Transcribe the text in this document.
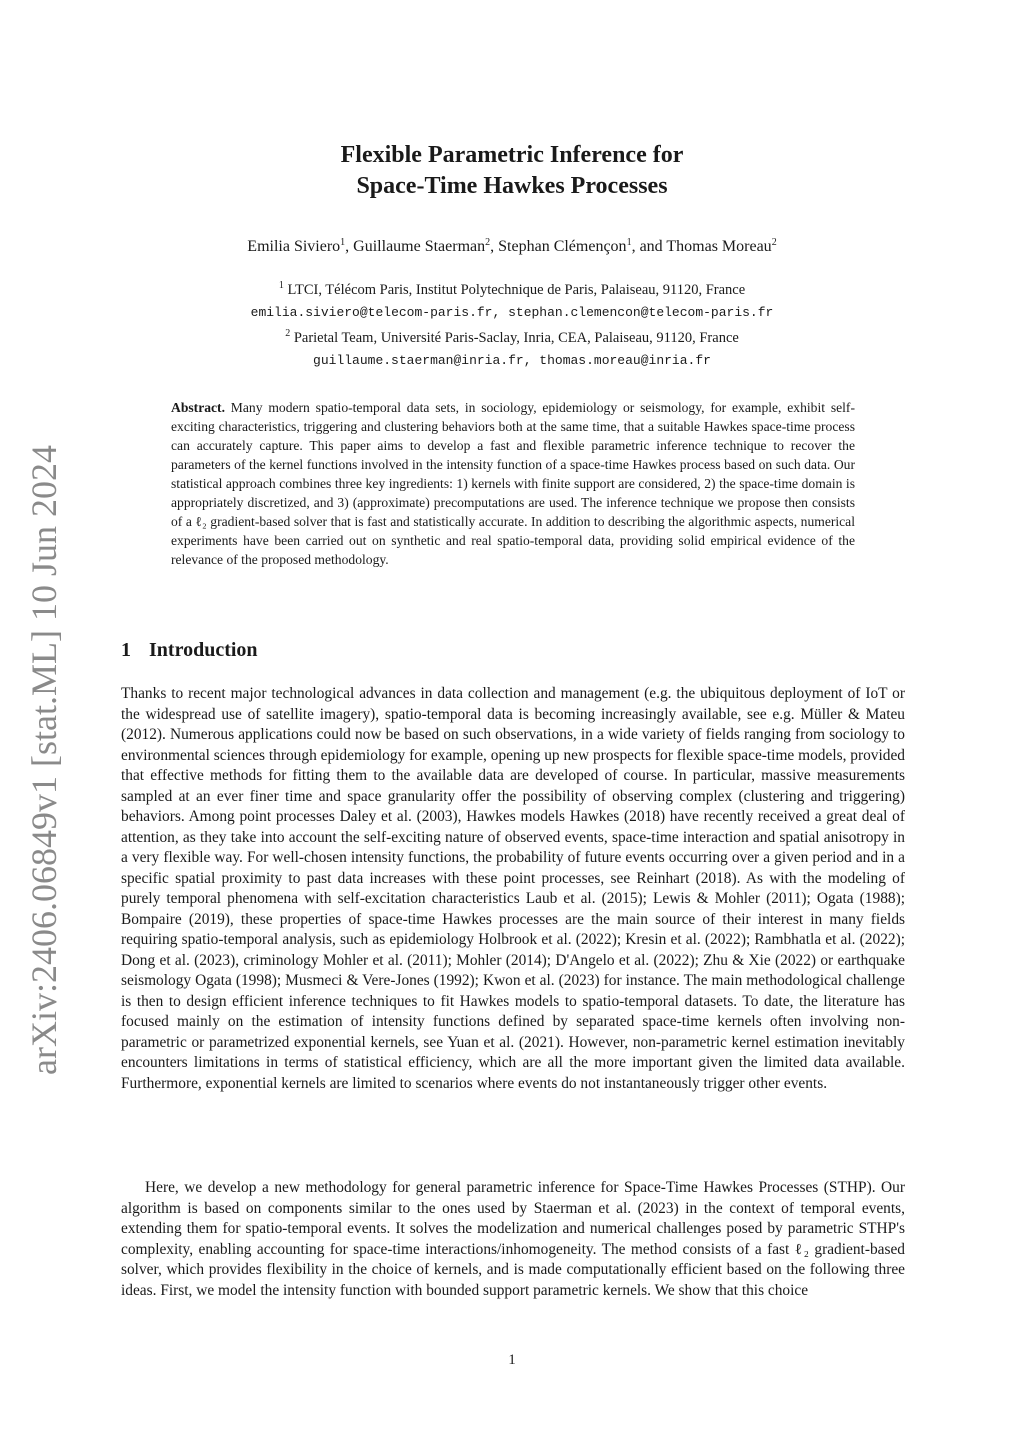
arXiv:2406.06849v1 [stat.ML] 10 Jun 2024
Flexible Parametric Inference for
Space-Time Hawkes Processes
Emilia Siviero$^1$, Guillaume Staerman$^2$, Stephan Clémençon$^1$, and Thomas Moreau$^2$
$^1$ LTCI, Télécom Paris, Institut Polytechnique de Paris, Palaiseau, 91120, France
emilia.siviero@telecom-paris.fr, stephan.clemencon@telecom-paris.fr
$^2$ Parietal Team, Université Paris-Saclay, Inria, CEA, Palaiseau, 91120, France
guillaume.staerman@inria.fr, thomas.moreau@inria.fr

Abstract. Many modern spatio-temporal data sets, in sociology, epidemiology or seismology, for example, exhibit self-exciting characteristics, triggering and clustering behaviors both at the same time, that a suitable Hawkes space-time process can accurately capture. This paper aims to develop a fast and flexible parametric inference technique to recover the parameters of the kernel functions involved in the intensity function of a space-time Hawkes process based on such data. Our statistical approach combines three key ingredients: 1) kernels with finite support are considered, 2) the space-time domain is appropriately discretized, and 3) (approximate) precomputations are used. The inference technique we propose then consists of a ℓ₂ gradient-based solver that is fast and statistically accurate. In addition to describing the algorithmic aspects, numerical experiments have been carried out on synthetic and real spatio-temporal data, providing solid empirical evidence of the relevance of the proposed methodology.

1 Introduction

Thanks to recent major technological advances in data collection and management (e.g. the ubiquitous deployment of IoT or the widespread use of satellite imagery), spatio-temporal data is becoming increasingly available, see e.g. Müller & Mateu (2012). Numerous applications could now be based on such observations, in a wide variety of fields ranging from sociology to environmental sciences through epidemiology for example, opening up new prospects for flexible space-time models, provided that effective methods for fitting them to the available data are developed of course. In particular, massive measurements sampled at an ever finer time and space granularity offer the possibility of observing complex (clustering and triggering) behaviors. Among point processes Daley et al. (2003), Hawkes models Hawkes (2018) have recently received a great deal of attention, as they take into account the self-exciting nature of observed events, space-time interaction and spatial anisotropy in a very flexible way. For well-chosen intensity functions, the probability of future events occurring over a given period and in a specific spatial proximity to past data increases with these point processes, see Reinhart (2018). As with the modeling of purely temporal phenomena with self-excitation characteristics Laub et al. (2015); Lewis & Mohler (2011); Ogata (1988); Bompaire (2019), these properties of space-time Hawkes processes are the main source of their interest in many fields requiring spatio-temporal analysis, such as epidemiology Holbrook et al. (2022); Kresin et al. (2022); Rambhatla et al. (2022); Dong et al. (2023), criminology Mohler et al. (2011); Mohler (2014); D'Angelo et al. (2022); Zhu & Xie (2022) or earthquake seismology Ogata (1998); Musmeci & Vere-Jones (1992); Kwon et al. (2023) for instance. The main methodological challenge is then to design efficient inference techniques to fit Hawkes models to spatio-temporal datasets. To date, the literature has focused mainly on the estimation of intensity functions defined by separated space-time kernels often involving non-parametric or parametrized exponential kernels, see Yuan et al. (2021). However, non-parametric kernel estimation inevitably encounters limitations in terms of statistical efficiency, which are all the more important given the limited data available. Furthermore, exponential kernels are limited to scenarios where events do not instantaneously trigger other events.

Here, we develop a new methodology for general parametric inference for Space-Time Hawkes Processes (STHP). Our algorithm is based on components similar to the ones used by Staerman et al. (2023) in the context of temporal events, extending them for spatio-temporal events. It solves the modelization and numerical challenges posed by parametric STHP's complexity, enabling accounting for space-time interactions/inhomogeneity. The method consists of a fast ℓ₂ gradient-based solver, which provides flexibility in the choice of kernels, and is made computationally efficient based on the following three ideas. First, we model the intensity function with bounded support parametric kernels. We show that this choice

1
